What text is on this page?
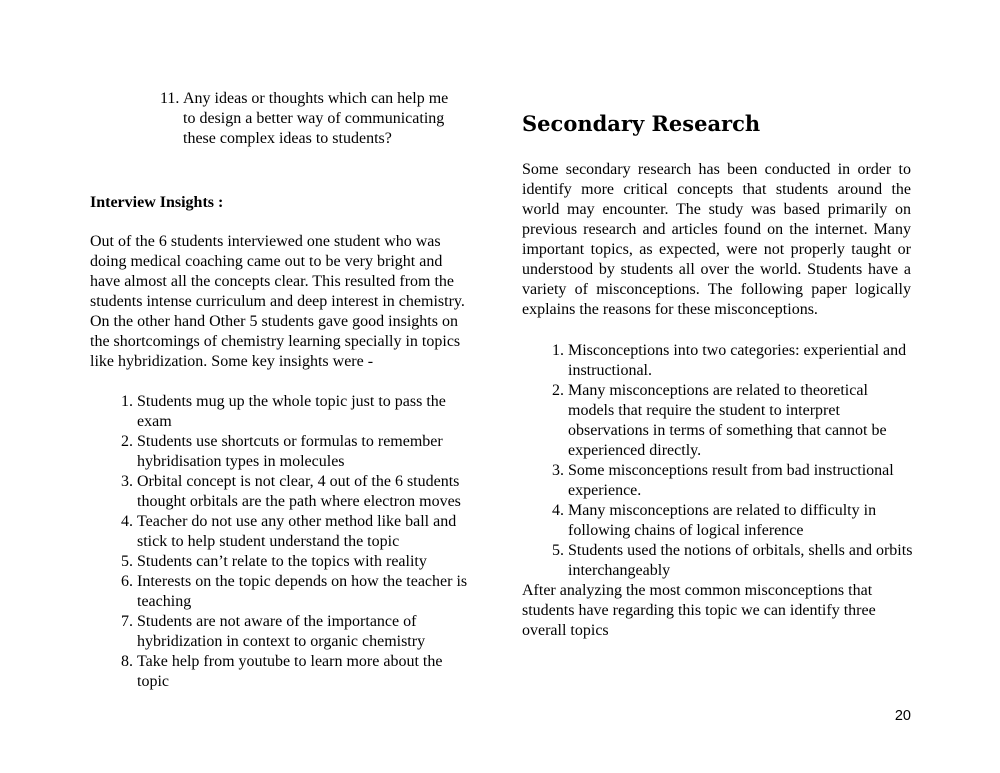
11. Any ideas or thoughts which can help me to design a better way of communicating these complex ideas to students?
Interview Insights :
Out of the 6 students interviewed one student who was doing medical coaching came out to be very bright and have almost all the concepts clear. This resulted from the students intense curriculum and deep interest in chemistry. On the other hand Other 5 students gave good insights on the shortcomings of chemistry learning specially in topics like hybridization. Some key insights were -
1. Students mug up the whole topic just to pass the exam
2. Students use shortcuts or formulas to remember hybridisation types in molecules
3. Orbital concept is not clear, 4 out of the 6 students thought orbitals are the path where electron moves
4. Teacher do not use any other method like ball and stick to help student understand the topic
5. Students can’t relate to the topics with reality
6. Interests on the topic depends on how the teacher is teaching
7. Students are not aware of the importance of hybridization in context to organic chemistry
8. Take help from youtube to learn more about the topic
Secondary Research
Some secondary research has been conducted in order to identify more critical concepts that students around the world may encounter. The study was based primarily on previous research and articles found on the internet. Many important topics, as expected, were not properly taught or understood by students all over the world. Students have a variety of misconceptions. The following paper logically explains the reasons for these misconceptions.
1. Misconceptions into two categories: experiential and instructional.
2. Many misconceptions are related to theoretical models that require the student to interpret observations in terms of something that cannot be experienced directly.
3. Some misconceptions result from bad instructional experience.
4. Many misconceptions are related to difficulty in following chains of logical inference
5. Students used the notions of orbitals, shells and orbits interchangeably
After analyzing the most common misconceptions that students have regarding this topic we can identify three overall topics
20
